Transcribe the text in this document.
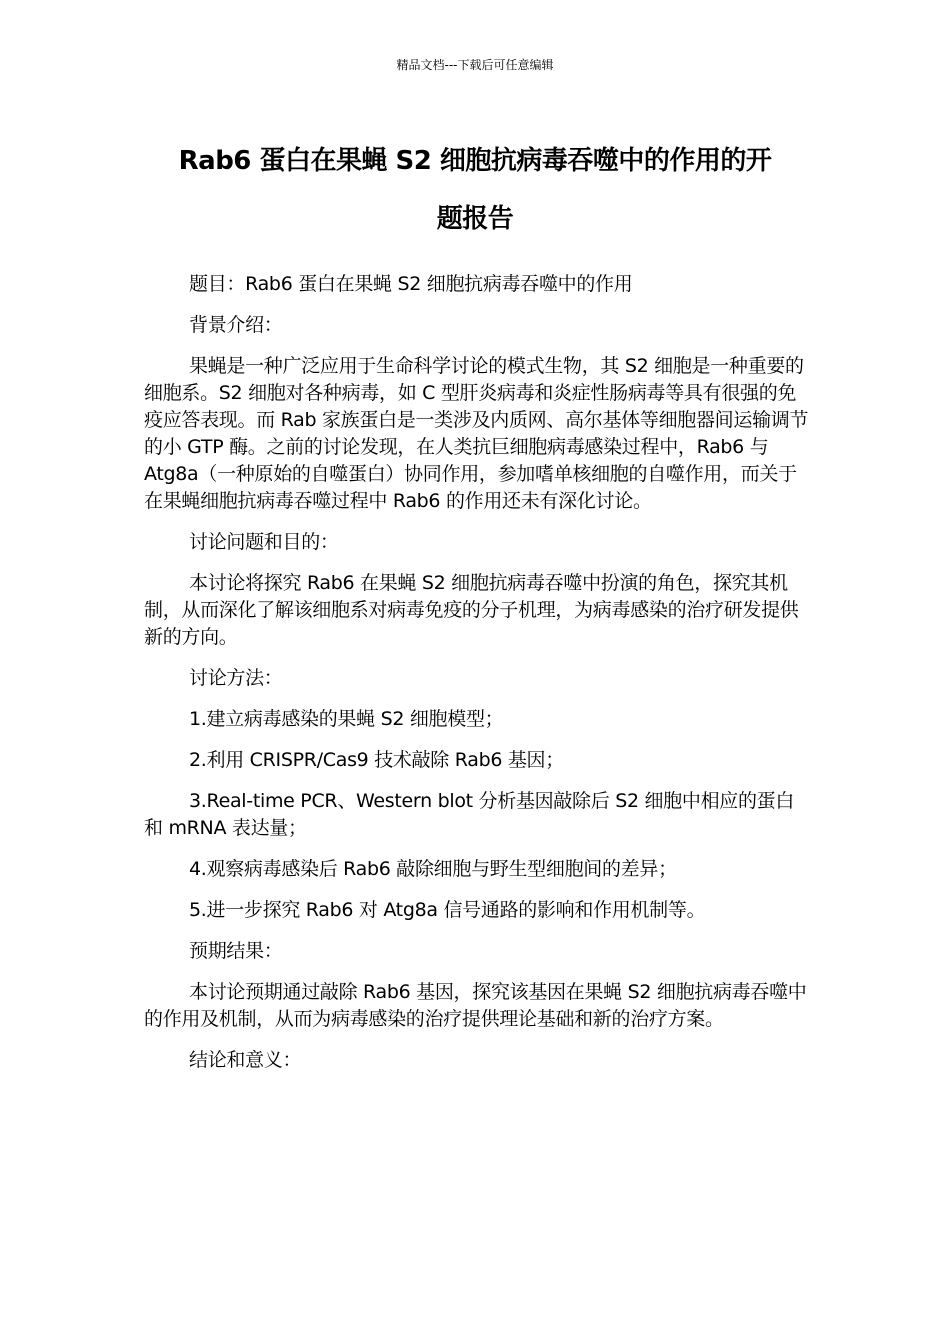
精品文档---下载后可任意编辑
Rab6 蛋白在果蝇 S2 细胞抗病毒吞噬中的作用的开
题报告

题目：Rab6 蛋白在果蝇 S2 细胞抗病毒吞噬中的作用

背景介绍：

果蝇是一种广泛应用于生命科学讨论的模式生物，其 S2 细胞是一种重要的细胞系。S2 细胞对各种病毒，如 C 型肝炎病毒和炎症性肠病毒等具有很强的免疫应答表现。而 Rab 家族蛋白是一类涉及内质网、高尔基体等细胞器间运输调节的小 GTP 酶。之前的讨论发现，在人类抗巨细胞病毒感染过程中，Rab6 与 Atg8a（一种原始的自噬蛋白）协同作用，参加嗜单核细胞的自噬作用，而关于在果蝇细胞抗病毒吞噬过程中 Rab6 的作用还未有深化讨论。

讨论问题和目的：

本讨论将探究 Rab6 在果蝇 S2 细胞抗病毒吞噬中扮演的角色，探究其机制，从而深化了解该细胞系对病毒免疫的分子机理，为病毒感染的治疗研发提供新的方向。

讨论方法：

1.建立病毒感染的果蝇 S2 细胞模型；

2.利用 CRISPR/Cas9 技术敲除 Rab6 基因；

3.Real-time PCR、Western blot 分析基因敲除后 S2 细胞中相应的蛋白和 mRNA 表达量；

4.观察病毒感染后 Rab6 敲除细胞与野生型细胞间的差异；

5.进一步探究 Rab6 对 Atg8a 信号通路的影响和作用机制等。

预期结果：

本讨论预期通过敲除 Rab6 基因，探究该基因在果蝇 S2 细胞抗病毒吞噬中的作用及机制，从而为病毒感染的治疗提供理论基础和新的治疗方案。

结论和意义：
